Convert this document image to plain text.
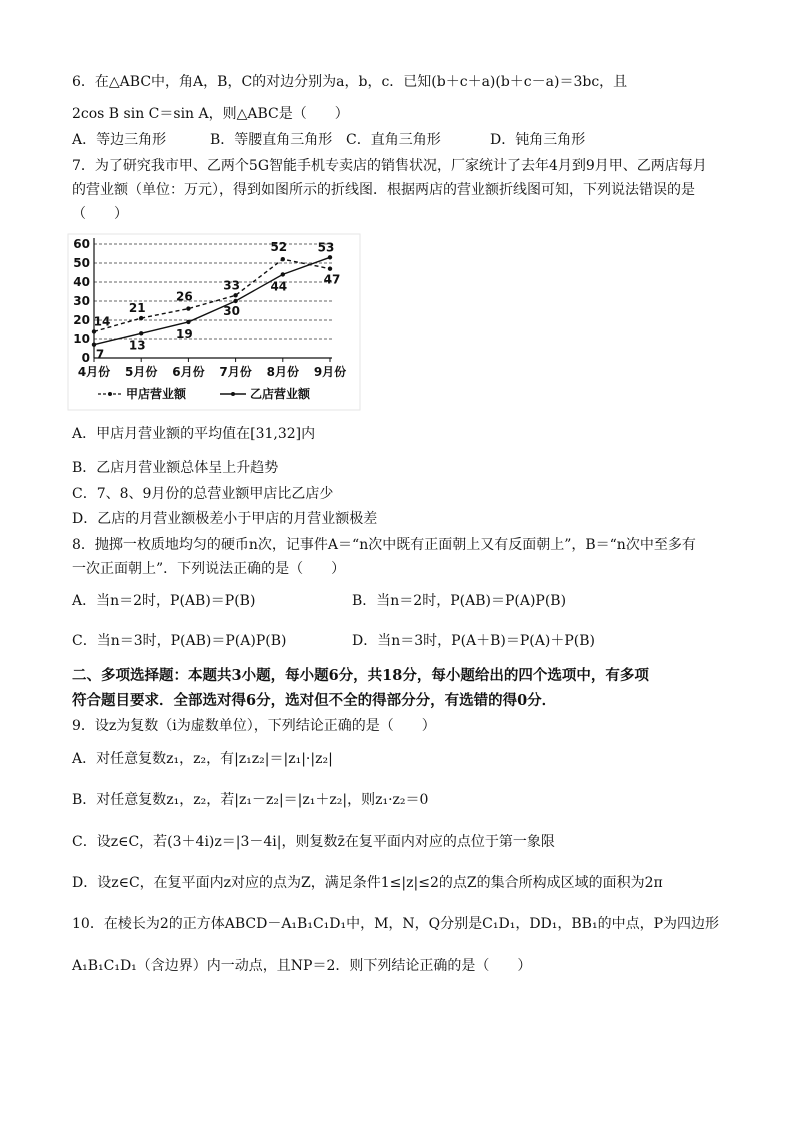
6．在△ABC中，角A，B，C的对边分别为a，b，c．已知(b＋c＋a)(b＋c－a)＝3bc，且
2cos B sin C＝sin A，则△ABC是（　　）
A．等边三角形	B．等腰直角三角形 C．直角三角形	D．钝角三角形
7．为了研究我市甲、乙两个5G智能手机专卖店的销售状况，厂家统计了去年4月到9月甲、乙两店每月
的营业额（单位：万元），得到如图所示的折线图．根据两店的营业额折线图可知，下列说法错误的是
（　　）
0
10
20
30
40
50
60
4月份 5月份 6月份 7月份 8月份 9月份
14
21
26
33
52
47
7
13
19
30
44
53
甲店营业额	乙店营业额
A．甲店月营业额的平均值在[31,32]内
B．乙店月营业额总体呈上升趋势
C．7、8、9月份的总营业额甲店比乙店少
D．乙店的月营业额极差小于甲店的月营业额极差
8．抛掷一枚质地均匀的硬币n次，记事件A＝“n次中既有正面朝上又有反面朝上”，B＝“n次中至多有
一次正面朝上”．下列说法正确的是（　　）
A．当n＝2时，P(AB)＝P(B)	B．当n＝2时，P(AB)＝P(A)P(B)
C．当n＝3时，P(AB)＝P(A)P(B)	D．当n＝3时，P(A＋B)＝P(A)＋P(B)
二、多项选择题：本题共3小题，每小题6分，共18分，每小题给出的四个选项中，有多项
符合题目要求．全部选对得6分，选对但不全的得部分分，有选错的得0分．
9．设z为复数（i为虚数单位），下列结论正确的是（　　）
A．对任意复数z₁，z₂，有|z₁z₂|＝|z₁|·|z₂|
B．对任意复数z₁，z₂，若|z₁－z₂|＝|z₁＋z₂|，则z₁·z₂＝0
C．设z∈C，若(3＋4i)z＝|3－4i|，则复数z̄在复平面内对应的点位于第一象限
D．设z∈C，在复平面内z对应的点为Z，满足条件1≤|z|≤2的点Z的集合所构成区域的面积为2π
10．在棱长为2的正方体ABCD－A₁B₁C₁D₁中，M，N，Q分别是C₁D₁，DD₁，BB₁的中点，P为四边形
A₁B₁C₁D₁（含边界）内一动点，且NP＝2．则下列结论正确的是（　　）
